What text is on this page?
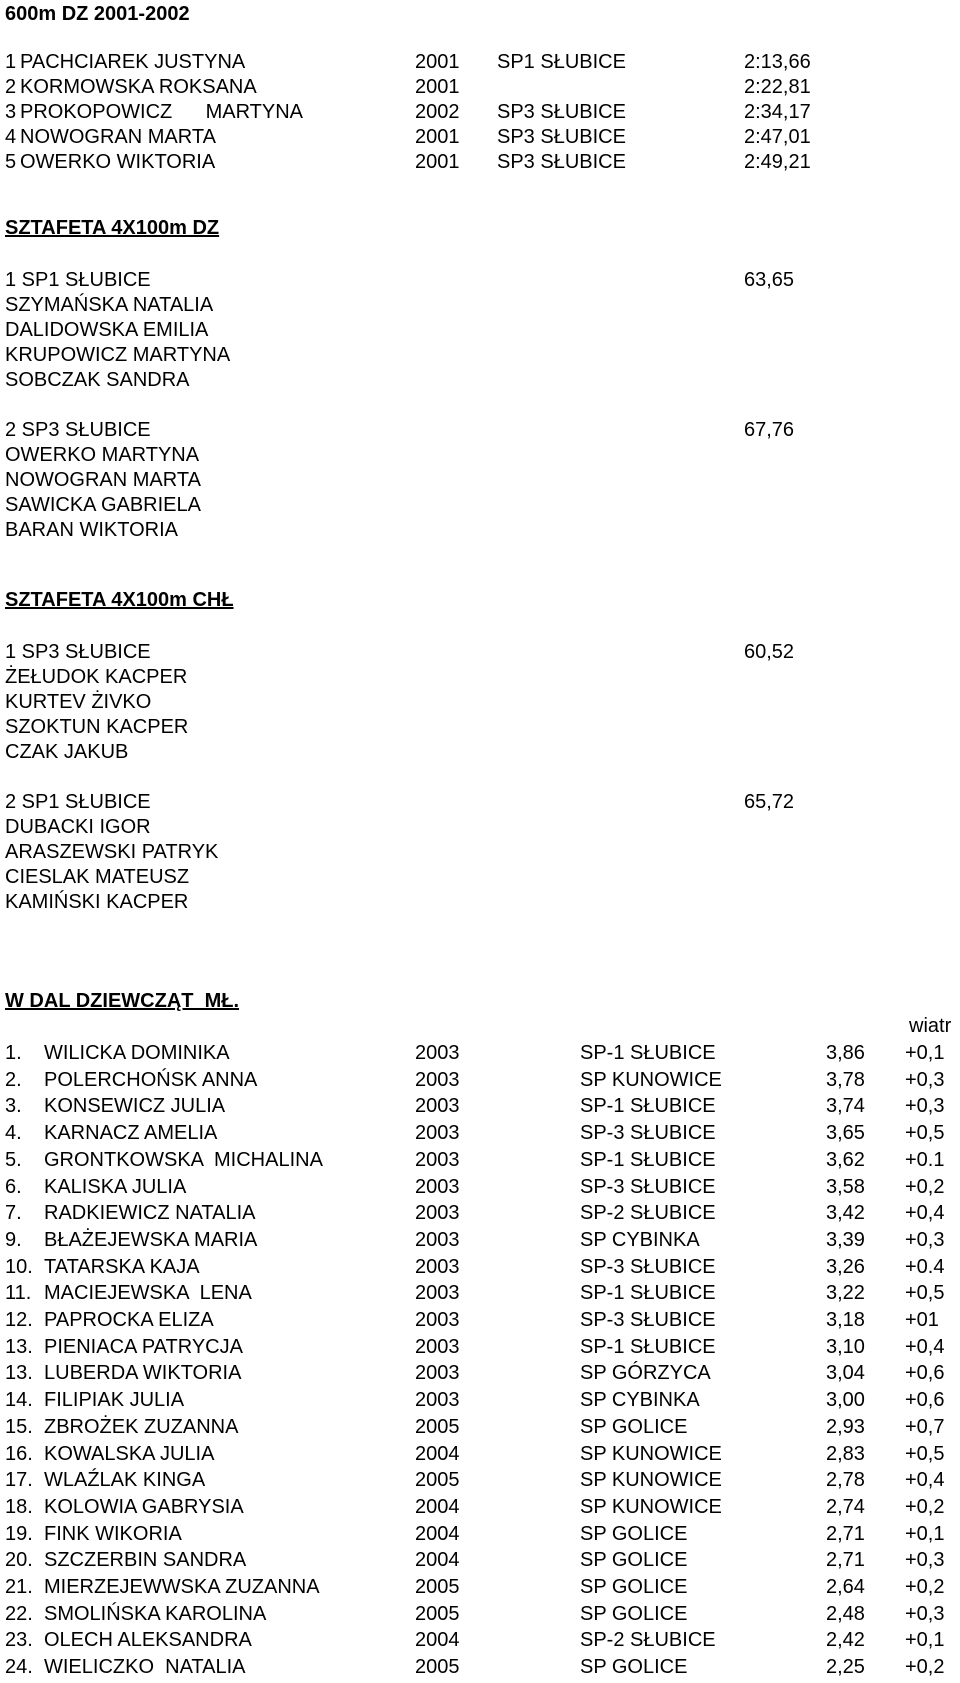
600m DZ 2001-2002
1 PACHCIAREK JUSTYNA	2001 SP1 SŁUBICE	2:13,66
2 KORMOWSKA ROKSANA	2001	2:22,81
3 PROKOPOWICZ      MARTYNA	2002 SP3 SŁUBICE	2:34,17
4 NOWOGRAN MARTA	2001 SP3 SŁUBICE	2:47,01
5 OWERKO WIKTORIA	2001 SP3 SŁUBICE	2:49,21
SZTAFETA 4X100m DZ
1 SP1 SŁUBICE	63,65
SZYMAŃSKA NATALIA
DALIDOWSKA EMILIA
KRUPOWICZ MARTYNA
SOBCZAK SANDRA
2 SP3 SŁUBICE	67,76
OWERKO MARTYNA
NOWOGRAN MARTA
SAWICKA GABRIELA
BARAN WIKTORIA
SZTAFETA 4X100m CHŁ
1 SP3 SŁUBICE	60,52
ŻEŁUDOK KACPER
KURTEV ŻIVKO
SZOKTUN KACPER
CZAK JAKUB
2 SP1 SŁUBICE	65,72
DUBACKI IGOR
ARASZEWSKI PATRYK
CIESLAK MATEUSZ
KAMIŃSKI KACPER
W DAL DZIEWCZĄT  MŁ.
wiatr
1. WILICKA DOMINIKA	2003	SP-1 SŁUBICE	3,86 +0,1
2. POLERCHOŃSK ANNA	2003	SP KUNOWICE	3,78 +0,3
3. KONSEWICZ JULIA	2003	SP-1 SŁUBICE	3,74 +0,3
4. KARNACZ AMELIA	2003	SP-3 SŁUBICE	3,65 +0,5
5. GRONTKOWSKA  MICHALINA	2003	SP-1 SŁUBICE	3,62 +0.1
6. KALISKA JULIA	2003	SP-3 SŁUBICE	3,58 +0,2
7. RADKIEWICZ NATALIA	2003	SP-2 SŁUBICE	3,42 +0,4
9. BŁAŻEJEWSKA MARIA	2003	SP CYBINKA	3,39 +0,3
10. TATARSKA KAJA	2003	SP-3 SŁUBICE	3,26 +0.4
11. MACIEJEWSKA  LENA	2003	SP-1 SŁUBICE	3,22 +0,5
12. PAPROCKA ELIZA	2003	SP-3 SŁUBICE	3,18 +01
13. PIENIACA PATRYCJA	2003	SP-1 SŁUBICE	3,10 +0,4
13. LUBERDA WIKTORIA	2003	SP GÓRZYCA	3,04 +0,6
14. FILIPIAK JULIA	2003	SP CYBINKA	3,00 +0,6
15. ZBROŻEK ZUZANNA	2005	SP GOLICE	2,93 +0,7
16. KOWALSKA JULIA	2004	SP KUNOWICE	2,83 +0,5
17. WLAŹLAK KINGA	2005	SP KUNOWICE	2,78 +0,4
18. KOLOWIA GABRYSIA	2004	SP KUNOWICE	2,74 +0,2
19. FINK WIKORIA	2004	SP GOLICE	2,71 +0,1
20. SZCZERBIN SANDRA	2004	SP GOLICE	2,71 +0,3
21. MIERZEJEWWSKA ZUZANNA	2005	SP GOLICE	2,64 +0,2
22. SMOLIŃSKA KAROLINA	2005	SP GOLICE	2,48 +0,3
23. OLECH ALEKSANDRA	2004	SP-2 SŁUBICE	2,42 +0,1
24. WIELICZKO  NATALIA	2005	SP GOLICE	2,25 +0,2
